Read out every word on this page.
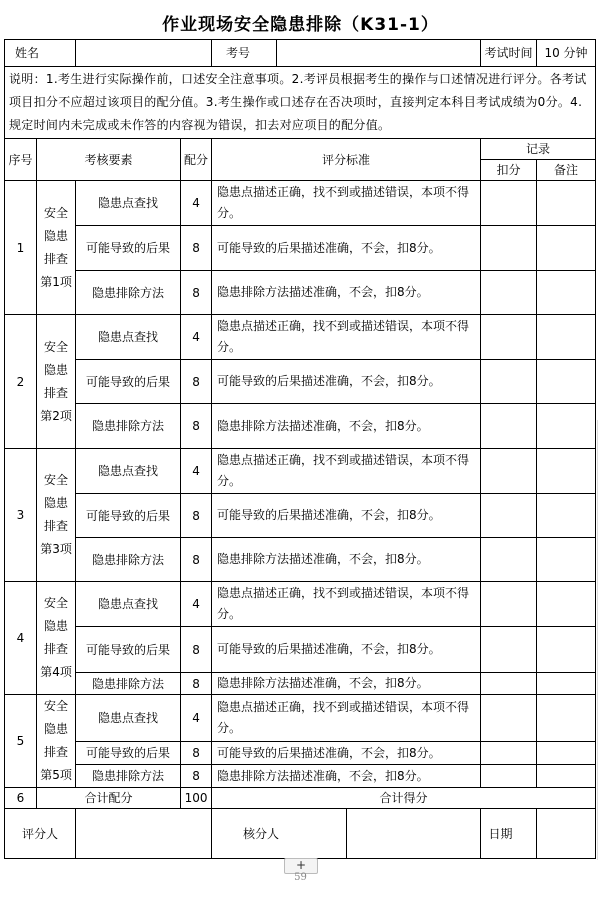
作业现场安全隐患排除（K31-1）
姓名				考号			考试时间	10 分钟
说明：1.考生进行实际操作前，口述安全注意事项。2.考评员根据考生的操作与口述情况进行评分。各考试项目扣分不应超过该项目的配分值。3.考生操作或口述存在否决项时，直接判定本科目考试成绩为0分。4.规定时间内未完成或未作答的内容视为错误，扣去对应项目的配分值。								
序号	考核要素		配分	评分标准			记录	
							扣分	备注
1	安全隐患排查第1项	隐患点查找	4	隐患点描述正确，找不到或描述错误，本项不得分。				
		可能导致的后果	8	可能导致的后果描述准确，不会，扣8分。				
		隐患排除方法	8	隐患排除方法描述准确，不会，扣8分。				
2	安全隐患排查第2项	隐患点查找	4	隐患点描述正确，找不到或描述错误，本项不得分。				
		可能导致的后果	8	可能导致的后果描述准确，不会，扣8分。				
		隐患排除方法	8	隐患排除方法描述准确，不会，扣8分。				
3	安全隐患排查第3项	隐患点查找	4	隐患点描述正确，找不到或描述错误，本项不得分。				
		可能导致的后果	8	可能导致的后果描述准确，不会，扣8分。				
		隐患排除方法	8	隐患排除方法描述准确，不会，扣8分。				
4	安全隐患排查第4项	隐患点查找	4	隐患点描述正确，找不到或描述错误，本项不得分。				
		可能导致的后果	8	可能导致的后果描述准确，不会，扣8分。				
		隐患排除方法	8	隐患排除方法描述准确，不会，扣8分。				
5	安全隐患排查第5项	隐患点查找	4	隐患点描述正确，找不到或描述错误，本项不得分。				
		可能导致的后果	8	可能导致的后果描述准确，不会，扣8分。				
		隐患排除方法	8	隐患排除方法描述准确，不会，扣8分。				
6	合计配分		100	合计得分				
评分人				核分人			日期	
+
59
